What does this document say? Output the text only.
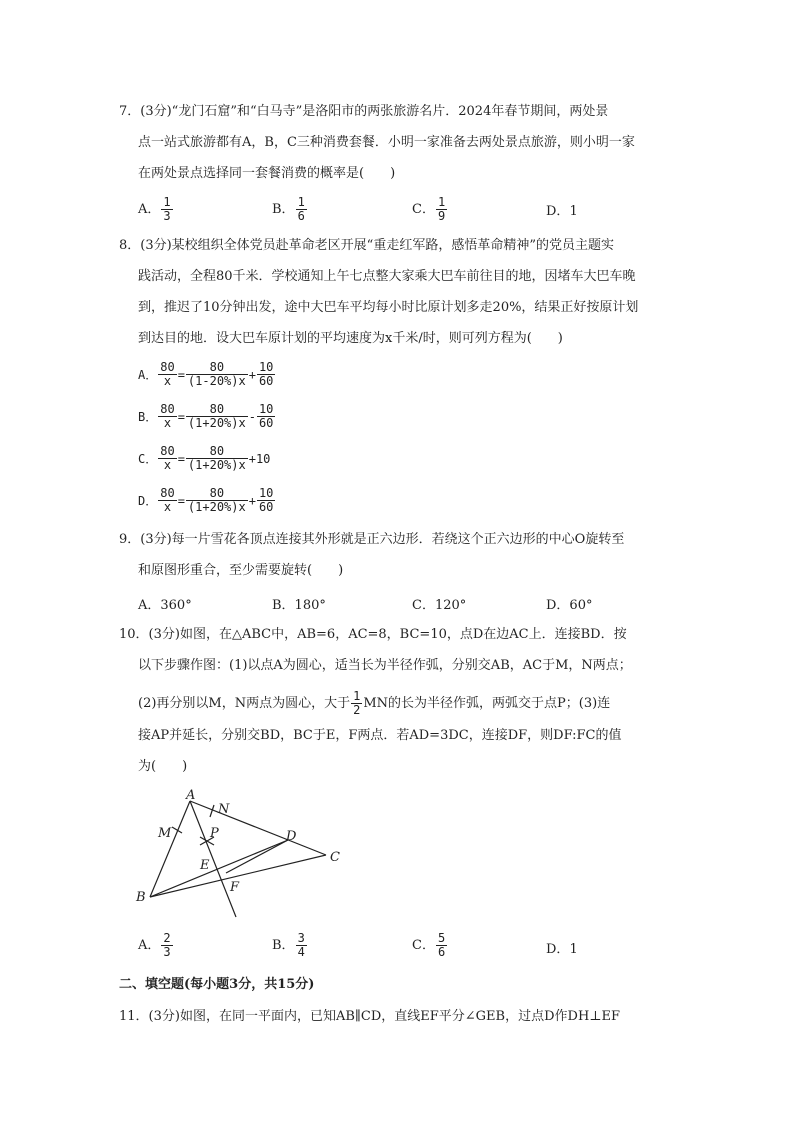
7．(3分)“龙门石窟”和“白马寺”是洛阳市的两张旅游名片．2024年春节期间，两处景
点一站式旅游都有A，B，C三种消费套餐．小明一家准备去两处景点旅游，则小明一家
在两处景点选择同一套餐消费的概率是(　　)
A． $\frac{1}{3}$	B． $\frac{1}{6}$	C． $\frac{1}{9}$	D．1
8．(3分)某校组织全体党员赴革命老区开展“重走红军路，感悟革命精神”的党员主题实
践活动，全程80千米．学校通知上午七点整大家乘大巴车前往目的地，因堵车大巴车晚
到，推迟了10分钟出发，途中大巴车平均每小时比原计划多走20%，结果正好按原计划
到达目的地．设大巴车原计划的平均速度为x千米/时，则可列方程为(　　)
A． $\frac{80}{x} = \frac{80}{(1-20\%)x} + \frac{10}{60}$
B． $\frac{80}{x} = \frac{80}{(1+20\%)x} - \frac{10}{60}$
C． $\frac{80}{x} = \frac{80}{(1+20\%)x} +10$
D． $\frac{80}{x} = \frac{80}{(1+20\%)x} + \frac{10}{60}$
9．(3分)每一片雪花各顶点连接其外形就是正六边形．若绕这个正六边形的中心O旋转至
和原图形重合，至少需要旋转(　　)
A．360°	B．180°	C．120°	D．60°
10．(3分)如图，在△ABC中，AB=6，AC=8，BC=10，点D在边AC上．连接BD．按
以下步骤作图：(1)以点A为圆心，适当长为半径作弧，分别交AB，AC于M，N两点；
(2)再分别以M，N两点为圆心，大于 $\frac{1}{2}$ MN的长为半径作弧，两弧交于点P；(3)连
接AP并延长，分别交BD，BC于E，F两点．若AD=3DC，连接DF，则DF:FC的值
为(　　)
A
N
M	P	D
E
C
F
B
A． $\frac{2}{3}$	B． $\frac{3}{4}$	C． $\frac{5}{6}$	D．1
二、填空题(每小题3分，共15分)
11．(3分)如图，在同一平面内，已知AB∥CD，直线EF平分∠GEB，过点D作DH⊥EF
